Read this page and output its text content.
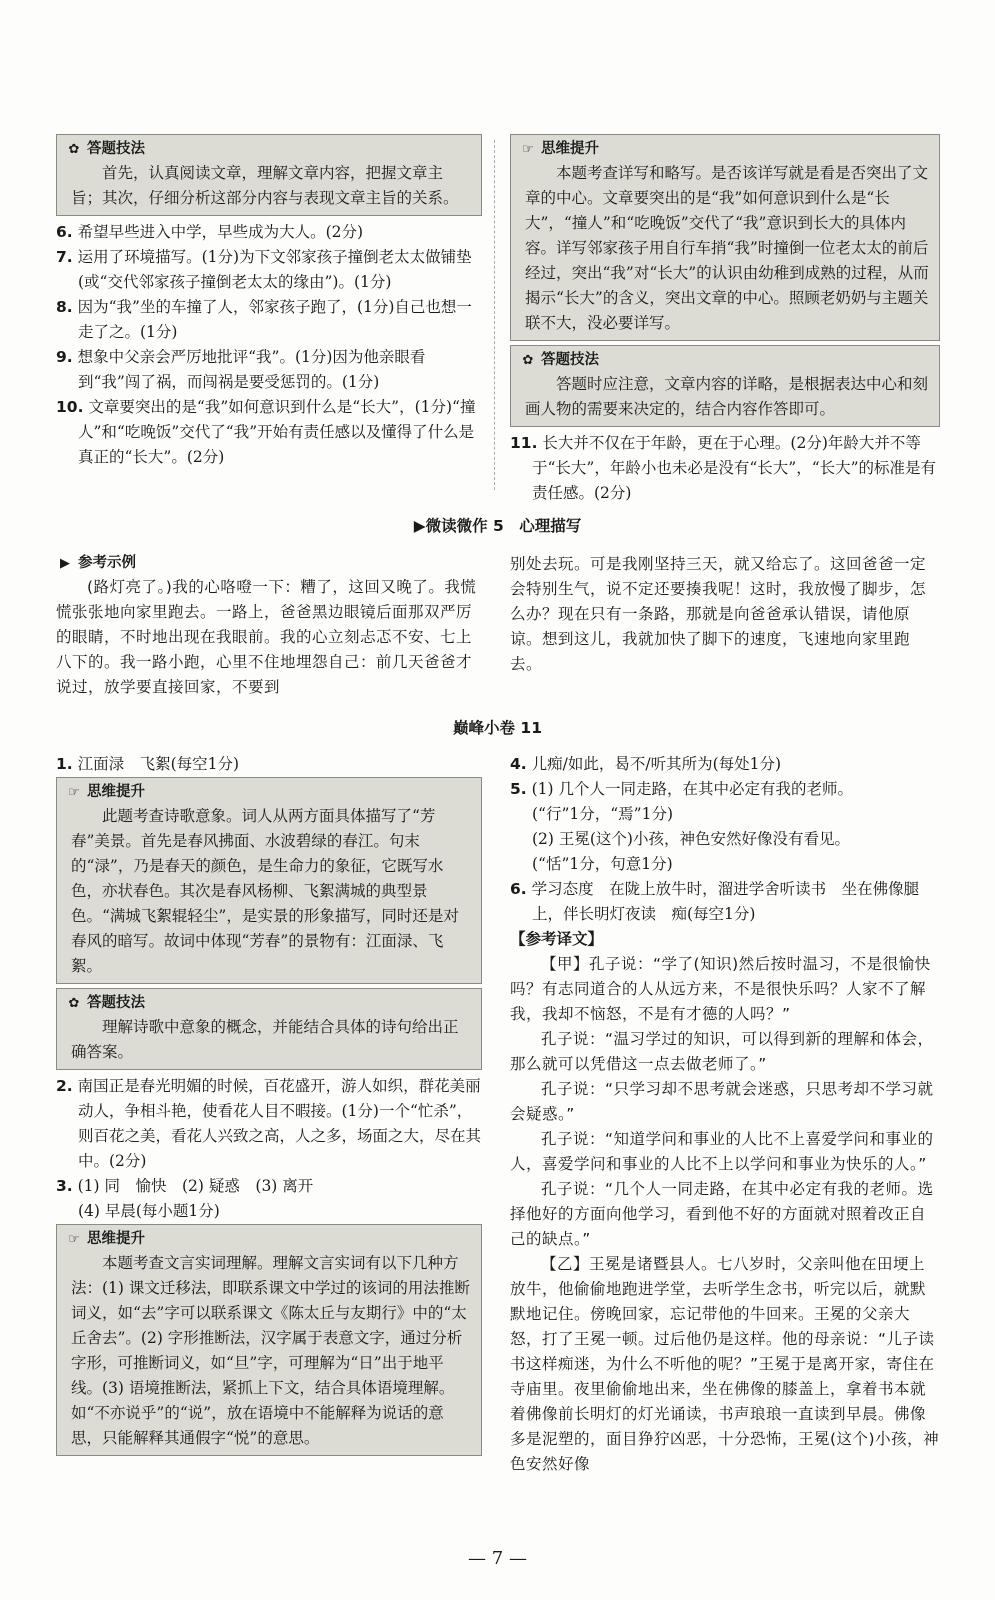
✿ 答题技法

首先，认真阅读文章，理解文章内容，把握文章主旨；其次，仔细分析这部分内容与表现文章主旨的关系。

6. 希望早些进入中学，早些成为大人。(2分)

7. 运用了环境描写。(1分)为下文邻家孩子撞倒老太太做铺垫(或“交代邻家孩子撞倒老太太的缘由”)。(1分)

8. 因为“我”坐的车撞了人，邻家孩子跑了，(1分)自己也想一走了之。(1分)

9. 想象中父亲会严厉地批评“我”。(1分)因为他亲眼看到“我”闯了祸，而闯祸是要受惩罚的。(1分)

10. 文章要突出的是“我”如何意识到什么是“长大”，(1分)“撞人”和“吃晚饭”交代了“我”开始有责任感以及懂得了什么是真正的“长大”。(2分)

☞ 思维提升

本题考查详写和略写。是否该详写就是看是否突出了文章的中心。文章要突出的是“我”如何意识到什么是“长大”，“撞人”和“吃晚饭”交代了“我”意识到长大的具体内容。详写邻家孩子用自行车捎“我”时撞倒一位老太太的前后经过，突出“我”对“长大”的认识由幼稚到成熟的过程，从而揭示“长大”的含义，突出文章的中心。照顾老奶奶与主题关联不大，没必要详写。

✿ 答题技法

答题时应注意，文章内容的详略，是根据表达中心和刻画人物的需要来决定的，结合内容作答即可。

11. 长大并不仅在于年龄，更在于心理。(2分)年龄大并不等于“长大”，年龄小也未必是没有“长大”，“长大”的标准是有责任感。(2分)

▶微读微作 5　心理描写
▶ 参考示例

(路灯亮了。)我的心咯噔一下：糟了，这回又晚了。我慌慌张张地向家里跑去。一路上，爸爸黑边眼镜后面那双严厉的眼睛，不时地出现在我眼前。我的心立刻忐忑不安、七上八下的。我一路小跑，心里不住地埋怨自己：前几天爸爸才说过，放学要直接回家，不要到

别处去玩。可是我刚坚持三天，就又给忘了。这回爸爸一定会特别生气，说不定还要揍我呢！这时，我放慢了脚步，怎么办？现在只有一条路，那就是向爸爸承认错误，请他原谅。想到这儿，我就加快了脚下的速度，飞速地向家里跑去。

巅峰小卷 11

1. 江面渌　飞絮(每空1分)

☞ 思维提升

此题考查诗歌意象。词人从两方面具体描写了“芳春”美景。首先是春风拂面、水波碧绿的春江。句末的“渌”，乃是春天的颜色，是生命力的象征，它既写水色，亦状春色。其次是春风杨柳、飞絮满城的典型景色。“满城飞絮辊轻尘”，是实景的形象描写，同时还是对春风的暗写。故词中体现“芳春”的景物有：江面渌、飞絮。

✿ 答题技法

理解诗歌中意象的概念，并能结合具体的诗句给出正确答案。

2. 南国正是春光明媚的时候，百花盛开，游人如织，群花美丽动人，争相斗艳，使看花人目不暇接。(1分)一个“忙杀”，则百花之美，看花人兴致之高，人之多，场面之大，尽在其中。(2分)

3. (1) 同　愉快　(2) 疑惑　(3) 离开

(4) 早晨(每小题1分)

☞ 思维提升

本题考查文言实词理解。理解文言实词有以下几种方法：(1) 课文迁移法，即联系课文中学过的该词的用法推断词义，如“去”字可以联系课文《陈太丘与友期行》中的“太丘舍去”。(2) 字形推断法，汉字属于表意文字，通过分析字形，可推断词义，如“旦”字，可理解为“日”出于地平线。(3) 语境推断法，紧抓上下文，结合具体语境理解。如“不亦说乎”的“说”，放在语境中不能解释为说话的意思，只能解释其通假字“悦”的意思。

4. 儿痴/如此，曷不/听其所为(每处1分)

5. (1) 几个人一同走路，在其中必定有我的老师。

(“行”1分，“焉”1分)

(2) 王冕(这个)小孩，神色安然好像没有看见。

(“恬”1分，句意1分)

6. 学习态度　在陇上放牛时，溜进学舍听读书　坐在佛像腿上，伴长明灯夜读　痴(每空1分)

【参考译文】

【甲】孔子说：“学了(知识)然后按时温习，不是很愉快吗？有志同道合的人从远方来，不是很快乐吗？人家不了解我，我却不恼怒，不是有才德的人吗？”

孔子说：“温习学过的知识，可以得到新的理解和体会，那么就可以凭借这一点去做老师了。”

孔子说：“只学习却不思考就会迷惑，只思考却不学习就会疑惑。”

孔子说：“知道学问和事业的人比不上喜爱学问和事业的人，喜爱学问和事业的人比不上以学问和事业为快乐的人。”

孔子说：“几个人一同走路，在其中必定有我的老师。选择他好的方面向他学习，看到他不好的方面就对照着改正自己的缺点。”

【乙】王冕是诸暨县人。七八岁时，父亲叫他在田埂上放牛，他偷偷地跑进学堂，去听学生念书，听完以后，就默默地记住。傍晚回家，忘记带他的牛回来。王冕的父亲大怒，打了王冕一顿。过后他仍是这样。他的母亲说：“儿子读书这样痴迷，为什么不听他的呢？”王冕于是离开家，寄住在寺庙里。夜里偷偷地出来，坐在佛像的膝盖上，拿着书本就着佛像前长明灯的灯光诵读，书声琅琅一直读到早晨。佛像多是泥塑的，面目狰狞凶恶，十分恐怖，王冕(这个)小孩，神色安然好像

— 7 —
